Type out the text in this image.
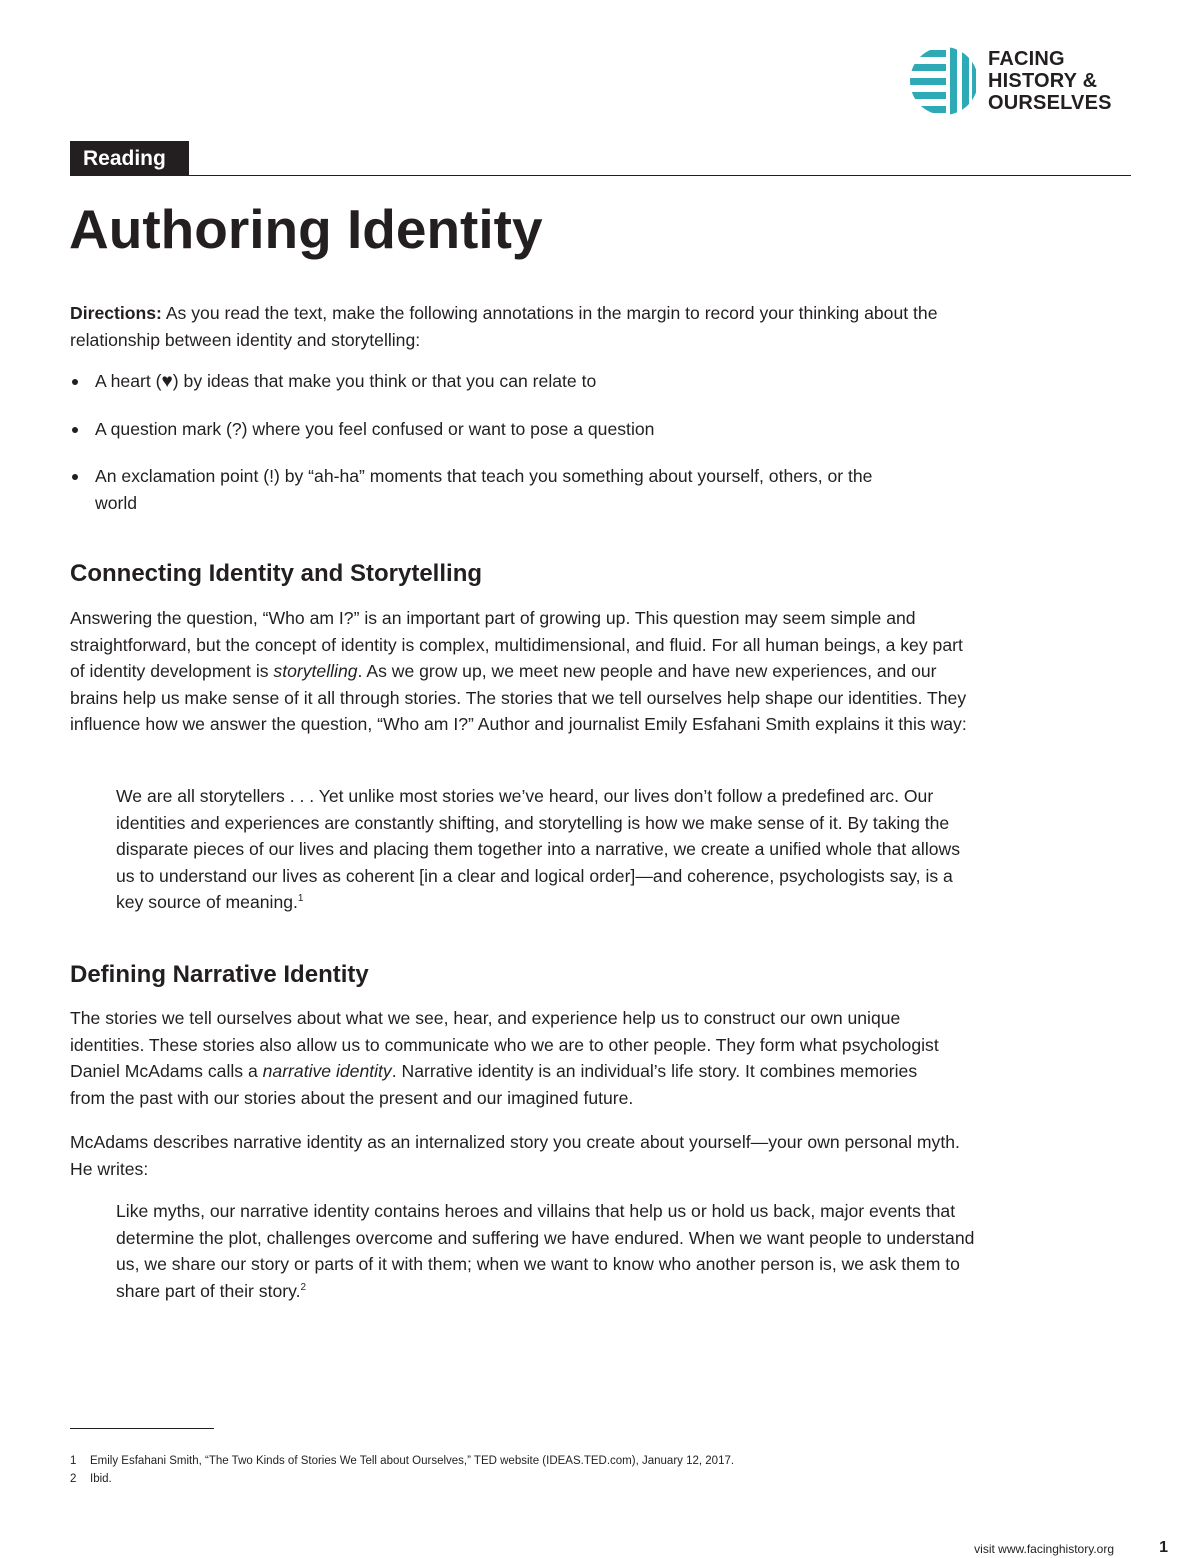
FACING
HISTORY &
OURSELVES
Reading
Authoring Identity

Directions: As you read the text, make the following annotations in the margin to record your thinking about the relationship between identity and storytelling:

A heart (♥) by ideas that make you think or that you can relate to
A question mark (?) where you feel confused or want to pose a question
An exclamation point (!) by “ah-ha” moments that teach you something about yourself, others, or the world
Connecting Identity and Storytelling

Answering the question, “Who am I?” is an important part of growing up. This question may seem simple and straightforward, but the concept of identity is complex, multidimensional, and fluid. For all human beings, a key part of identity development is storytelling. As we grow up, we meet new people and have new experiences, and our brains help us make sense of it all through stories. The stories that we tell ourselves help shape our identities. They influence how we answer the question, “Who am I?” Author and journalist Emily Esfahani Smith explains it this way:

We are all storytellers . . . Yet unlike most stories we’ve heard, our lives don’t follow a predefined arc. Our identities and experiences are constantly shifting, and storytelling is how we make sense of it. By taking the disparate pieces of our lives and placing them together into a narrative, we create a unified whole that allows us to understand our lives as coherent [in a clear and logical order]—and coherence, psychologists say, is a key source of meaning.$^1$

Defining Narrative Identity

The stories we tell ourselves about what we see, hear, and experience help us to construct our own unique identities. These stories also allow us to communicate who we are to other people. They form what psychologist Daniel McAdams calls a narrative identity. Narrative identity is an individual’s life story. It combines memories from the past with our stories about the present and our imagined future.

McAdams describes narrative identity as an internalized story you create about yourself—your own personal myth. He writes:

Like myths, our narrative identity contains heroes and villains that help us or hold us back, major events that determine the plot, challenges overcome and suffering we have endured. When we want people to understand us, we share our story or parts of it with them; when we want to know who another person is, we ask them to share part of their story.$^2$

1 Emily Esfahani Smith, “The Two Kinds of Stories We Tell about Ourselves,” TED website (IDEAS.TED.com), January 12, 2017.
2 Ibid.
visit www.facinghistory.org	1
